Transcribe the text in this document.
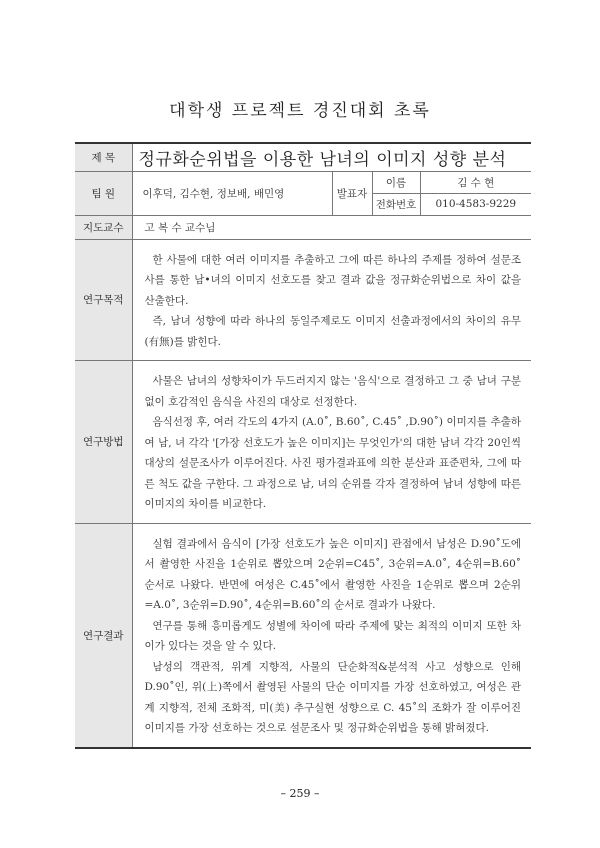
대학생 프로젝트 경진대회 초록
제 목	정규화순위법을 이용한 남녀의 이미지 성향 분석			
팀 원	이후덕, 김수현, 정보배, 배민영	발표자	이름	김 수 현
			전화번호	010-4583-9229
지도교수	고 복 수 교수님			
연구목적	한 사물에 대한 여러 이미지를 추출하고 그에 따른 하나의 주제를 정하여 설문조사를 통한 남•녀의 이미지 선호도를 찾고 결과 값을 정규화순위법으로 차이 값을 산출한다.

즉, 남녀 성향에 따라 하나의 동일주제로도 이미지 선출과정에서의 차이의 유무(有無)를 밝힌다.			

연구방법	사물은 남녀의 성향차이가 두드러지지 않는 '음식'으로 결정하고 그 중 남녀 구분 없이 호감적인 음식을 사진의 대상로 선정한다.

음식선정 후, 여러 각도의 4가지 (A.0˚, B.60˚, C.45˚ ,D.90˚) 이미지를 추출하여 남, 녀 각각 '[가장 선호도가 높은 이미지]는 무엇인가'의 대한 남녀 각각 20인씩 대상의 설문조사가 이루어진다. 사진 평가결과표에 의한 분산과 표준편차, 그에 따른 척도 값을 구한다. 그 과정으로 남, 녀의 순위를 각자 결정하여 남녀 성향에 따른 이미지의 차이를 비교한다.			

연구결과	실험 결과에서 음식이 [가장 선호도가 높은 이미지] 관점에서 남성은 D.90˚도에서 촬영한 사진을 1순위로 뽑았으며 2순위=C45˚, 3순위=A.0˚, 4순위=B.60˚ 순서로 나왔다. 반면에 여성은 C.45˚에서 촬영한 사진을 1순위로 뽑으며 2순위=A.0˚, 3순위=D.90˚, 4순위=B.60˚의 순서로 결과가 나왔다.

연구를 통해 흥미롭게도 성별에 차이에 따라 주제에 맞는 최적의 이미지 또한 차이가 있다는 것을 알 수 있다.

남성의 객관적, 위계 지향적, 사물의 단순화적&분석적 사고 성향으로 인해 D.90˚인, 위(上)쪽에서 촬영된 사물의 단순 이미지를 가장 선호하였고, 여성은 관계 지향적, 전체 조화적, 미(美) 추구실현 성향으로 C. 45˚의 조화가 잘 이루어진 이미지를 가장 선호하는 것으로 설문조사 및 정규화순위법을 통해 밝혀졌다.			

– 259 –
